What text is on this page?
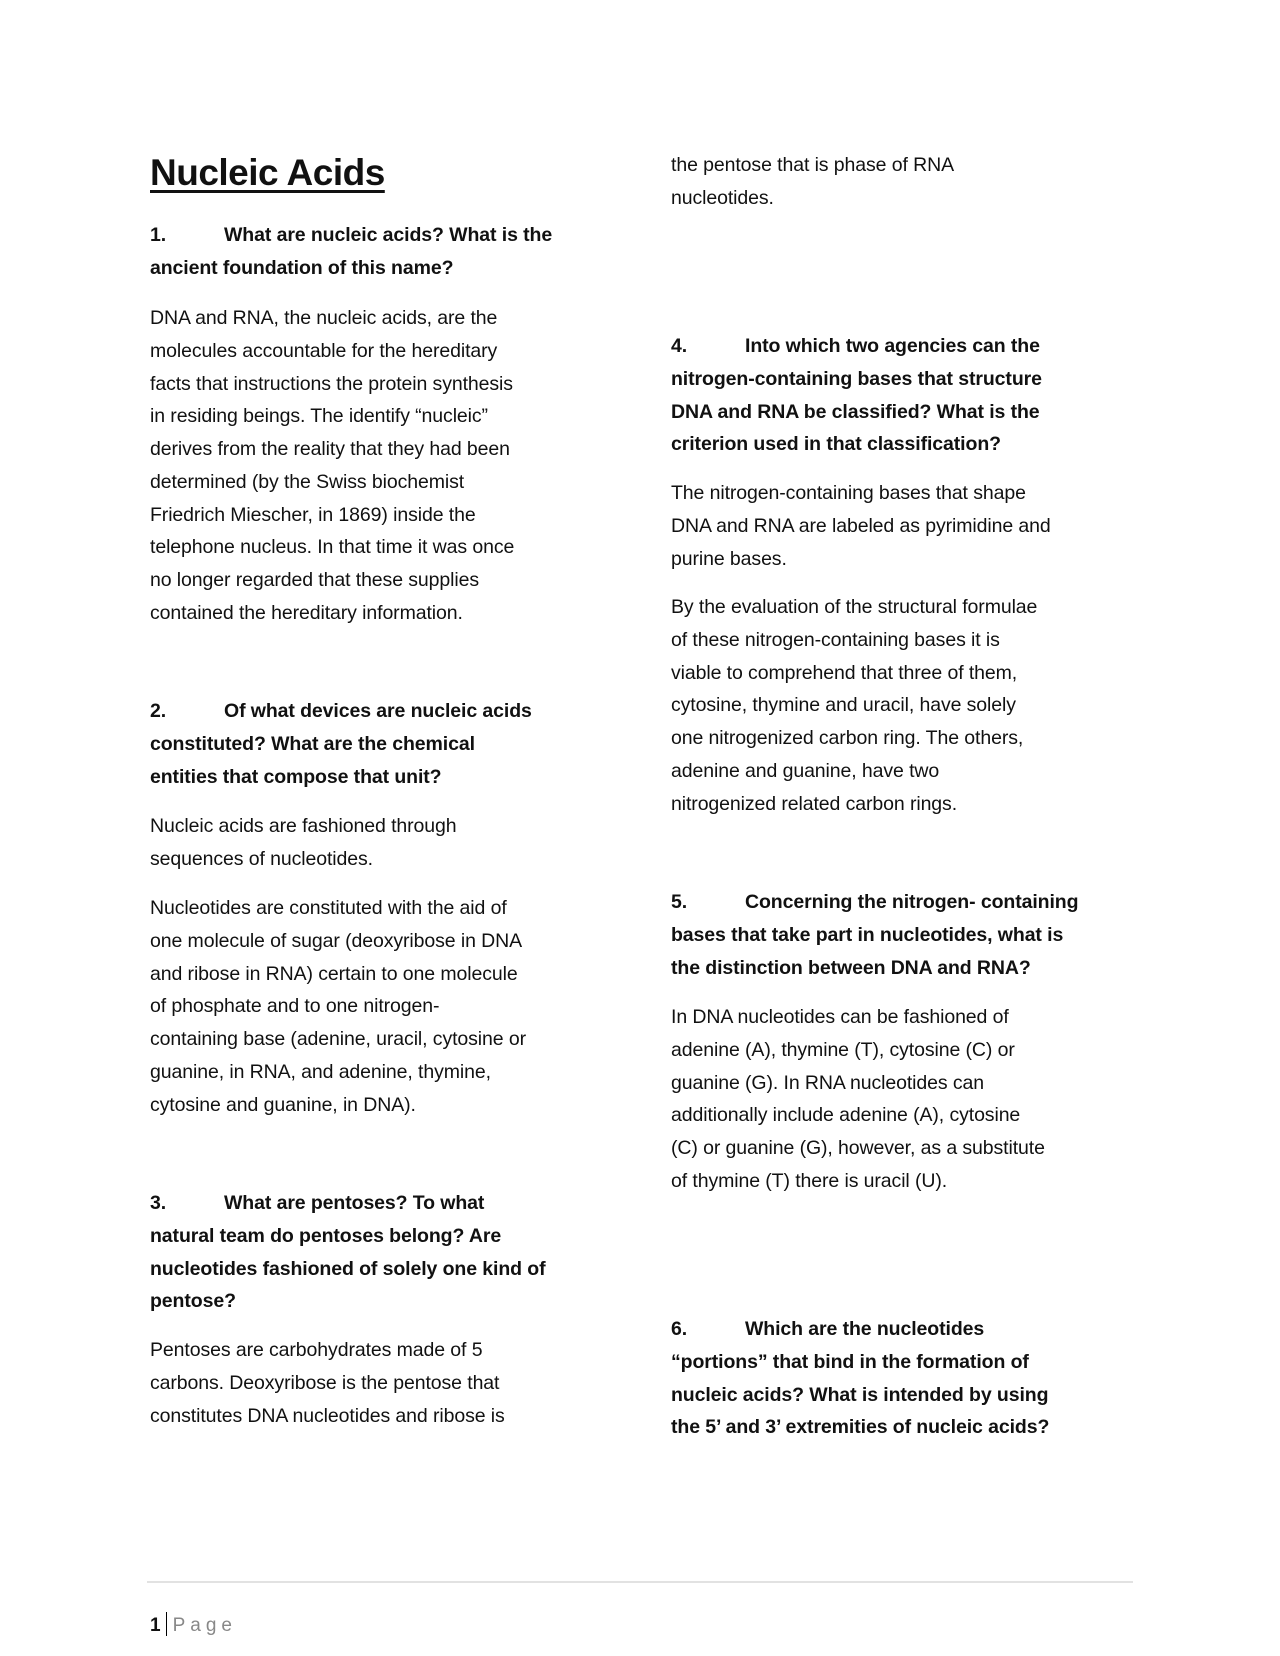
Nucleic Acids
1.	What are nucleic acids? What is the
ancient foundation of this name?
DNA and RNA, the nucleic acids, are the
molecules accountable for the hereditary
facts that instructions the protein synthesis
in residing beings. The identify “nucleic”
derives from the reality that they had been
determined (by the Swiss biochemist
Friedrich Miescher, in 1869) inside the
telephone nucleus. In that time it was once
no longer regarded that these supplies
contained the hereditary information.
2.	Of what devices are nucleic acids
constituted? What are the chemical
entities that compose that unit?
Nucleic acids are fashioned through
sequences of nucleotides.
Nucleotides are constituted with the aid of
one molecule of sugar (deoxyribose in DNA
and ribose in RNA) certain to one molecule
of phosphate and to one nitrogen-
containing base (adenine, uracil, cytosine or
guanine, in RNA, and adenine, thymine,
cytosine and guanine, in DNA).
3.	What are pentoses? To what
natural team do pentoses belong? Are
nucleotides fashioned of solely one kind of
pentose?
Pentoses are carbohydrates made of 5
carbons. Deoxyribose is the pentose that
constitutes DNA nucleotides and ribose is
the pentose that is phase of RNA
nucleotides.
4.	Into which two agencies can the
nitrogen-containing bases that structure
DNA and RNA be classified? What is the
criterion used in that classification?
The nitrogen-containing bases that shape
DNA and RNA are labeled as pyrimidine and
purine bases.
By the evaluation of the structural formulae
of these nitrogen-containing bases it is
viable to comprehend that three of them,
cytosine, thymine and uracil, have solely
one nitrogenized carbon ring. The others,
adenine and guanine, have two
nitrogenized related carbon rings.
5.	Concerning the nitrogen- containing
bases that take part in nucleotides, what is
the distinction between DNA and RNA?
In DNA nucleotides can be fashioned of
adenine (A), thymine (T), cytosine (C) or
guanine (G). In RNA nucleotides can
additionally include adenine (A), cytosine
(C) or guanine (G), however, as a substitute
of thymine (T) there is uracil (U).
6.	Which are the nucleotides
“portions” that bind in the formation of
nucleic acids? What is intended by using
the 5’ and 3’ extremities of nucleic acids?
1 Page
